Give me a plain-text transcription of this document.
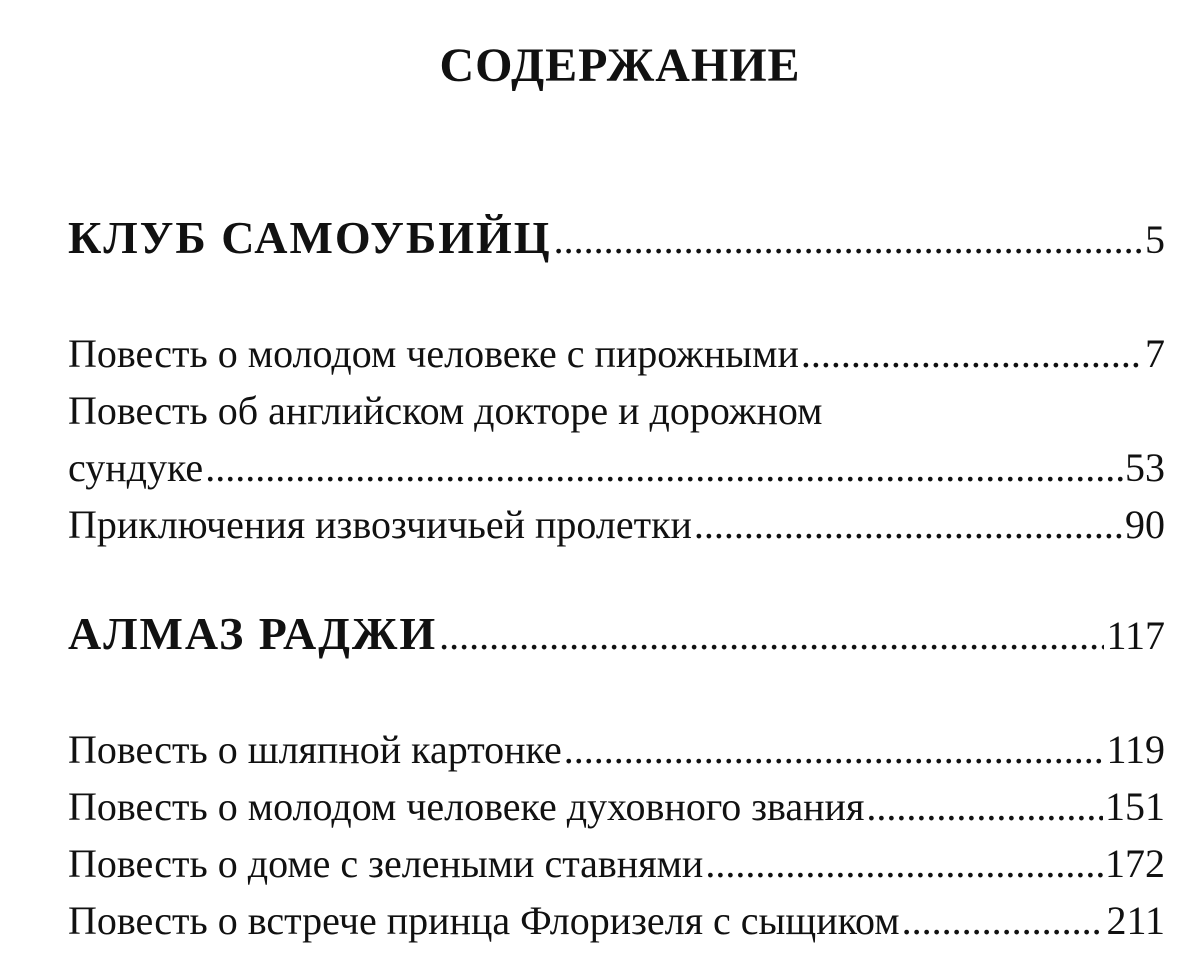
СОДЕРЖАНИЕ
КЛУБ САМОУБИЙЦ .....	5
Повесть о молодом человеке с пирожными .....	7
Повесть об английском докторе и дорожном
сундуке .....	53
Приключения извозчичьей пролетки .....	90
АЛМАЗ РАДЖИ .....	117
Повесть о шляпной картонке .....	119
Повесть о молодом человеке духовного звания .....	151
Повесть о доме с зелеными ставнями .....	172
Повесть о встрече принца Флоризеля с сыщиком .....	211
